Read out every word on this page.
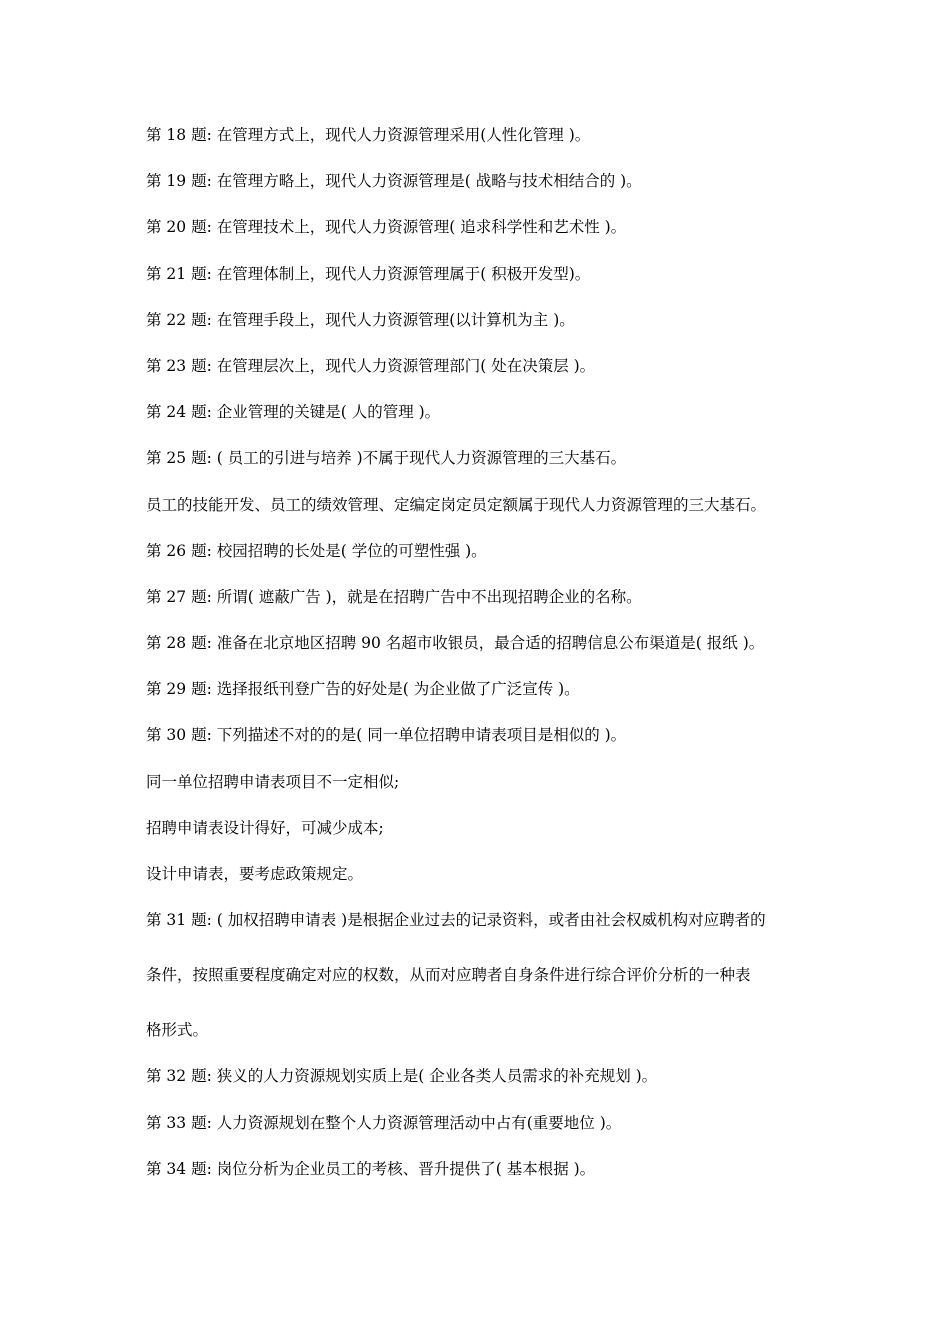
第 18 题: 在管理方式上，现代人力资源管理采用(人性化管理 )。

第 19 题: 在管理方略上，现代人力资源管理是( 战略与技术相结合的 )。

第 20 题: 在管理技术上，现代人力资源管理( 追求科学性和艺术性 )。

第 21 题: 在管理体制上，现代人力资源管理属于( 积极开发型)。

第 22 题: 在管理手段上，现代人力资源管理(以计算机为主 )。

第 23 题: 在管理层次上，现代人力资源管理部门( 处在决策层 )。

第 24 题: 企业管理的关键是( 人的管理 )。

第 25 题: ( 员工的引进与培养 )不属于现代人力资源管理的三大基石。

员工的技能开发、员工的绩效管理、定编定岗定员定额属于现代人力资源管理的三大基石。

第 26 题: 校园招聘的长处是( 学位的可塑性强 )。

第 27 题: 所谓( 遮蔽广告 )，就是在招聘广告中不出现招聘企业的名称。

第 28 题: 准备在北京地区招聘 90 名超市收银员，最合适的招聘信息公布渠道是( 报纸 )。

第 29 题: 选择报纸刊登广告的好处是( 为企业做了广泛宣传 )。

第 30 题: 下列描述不对的的是( 同一单位招聘申请表项目是相似的 )。

同一单位招聘申请表项目不一定相似;

招聘申请表设计得好，可减少成本;

设计申请表，要考虑政策规定。

第 31 题: ( 加权招聘申请表 )是根据企业过去的记录资料，或者由社会权威机构对应聘者的

条件，按照重要程度确定对应的权数，从而对应聘者自身条件进行综合评价分析的一种表

格形式。

第 32 题: 狭义的人力资源规划实质上是( 企业各类人员需求的补充规划 )。

第 33 题: 人力资源规划在整个人力资源管理活动中占有(重要地位 )。

第 34 题: 岗位分析为企业员工的考核、晋升提供了( 基本根据 )。
